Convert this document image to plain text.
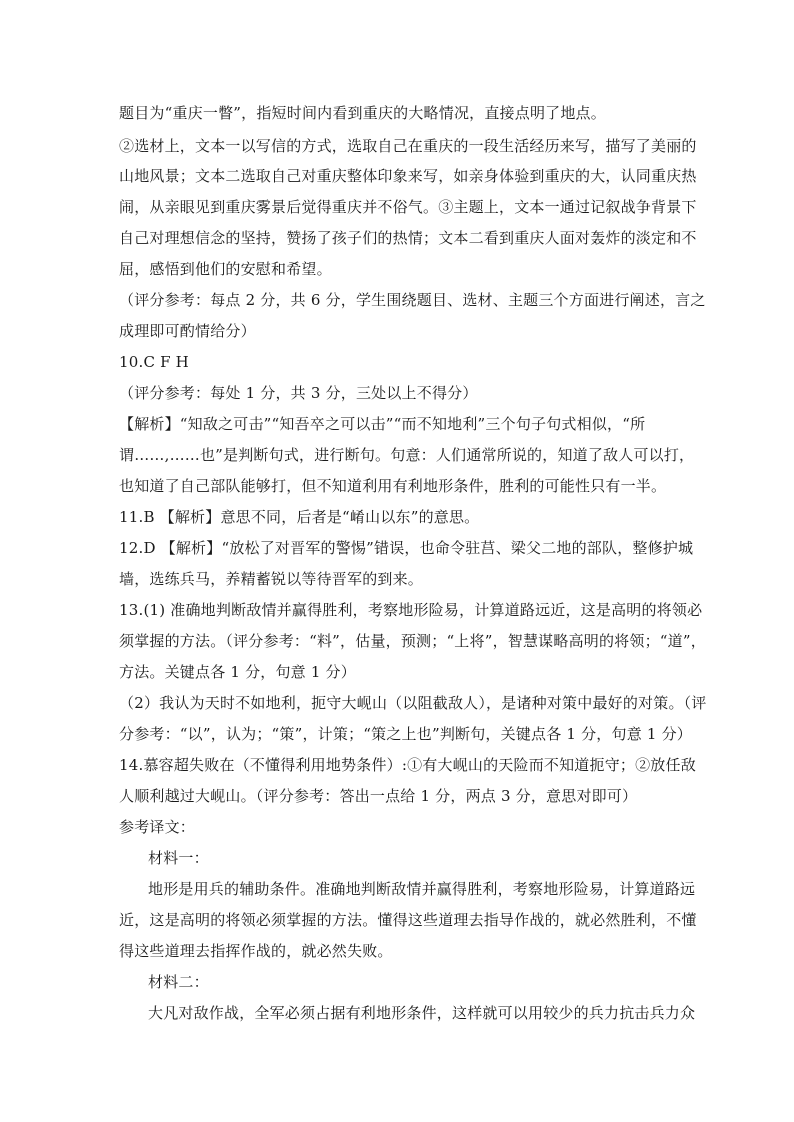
题目为“重庆一瞥”，指短时间内看到重庆的大略情况，直接点明了地点。
②选材上，文本一以写信的方式，选取自己在重庆的一段生活经历来写，描写了美丽的
山地风景；文本二选取自己对重庆整体印象来写，如亲身体验到重庆的大，认同重庆热
闹，从亲眼见到重庆雾景后觉得重庆并不俗气。③主题上，文本一通过记叙战争背景下
自己对理想信念的坚持，赞扬了孩子们的热情；文本二看到重庆人面对轰炸的淡定和不
屈，感悟到他们的安慰和希望。
（评分参考：每点 2 分，共 6 分，学生围绕题目、选材、主题三个方面进行阐述，言之
成理即可酌情给分）
10.C F H
（评分参考：每处 1 分，共 3 分，三处以上不得分）
【解析】“知敌之可击”“知吾卒之可以击”“而不知地利”三个句子句式相似，“所
谓……,……也”是判断句式，进行断句。句意：人们通常所说的，知道了敌人可以打，
也知道了自己部队能够打，但不知道利用有利地形条件，胜利的可能性只有一半。
11.B 【解析】意思不同，后者是“崤山以东”的意思。
12.D 【解析】“放松了对晋军的警惕”错误，也命令驻莒、梁父二地的部队，整修护城
墙，选练兵马，养精蓄锐以等待晋军的到来。
13.(1) 准确地判断敌情并赢得胜利，考察地形险易，计算道路远近，这是高明的将领必
须掌握的方法。（评分参考：“料”，估量，预测；“上将”，智慧谋略高明的将领；“道”，
方法。关键点各 1 分，句意 1 分）
（2）我认为天时不如地利，扼守大岘山（以阻截敌人），是诸种对策中最好的对策。（评
分参考：“以”，认为；“策”，计策；“策之上也”判断句，关键点各 1 分，句意 1 分）
14.慕容超失败在（不懂得利用地势条件）:①有大岘山的天险而不知道扼守；②放任敌
人顺利越过大岘山。（评分参考：答出一点给 1 分，两点 3 分，意思对即可）
参考译文：
材料一：
地形是用兵的辅助条件。准确地判断敌情并赢得胜利，考察地形险易，计算道路远
近，这是高明的将领必须掌握的方法。懂得这些道理去指导作战的，就必然胜利，不懂
得这些道理去指挥作战的，就必然失败。
材料二：
大凡对敌作战，全军必须占据有利地形条件，这样就可以用较少的兵力抗击兵力众
